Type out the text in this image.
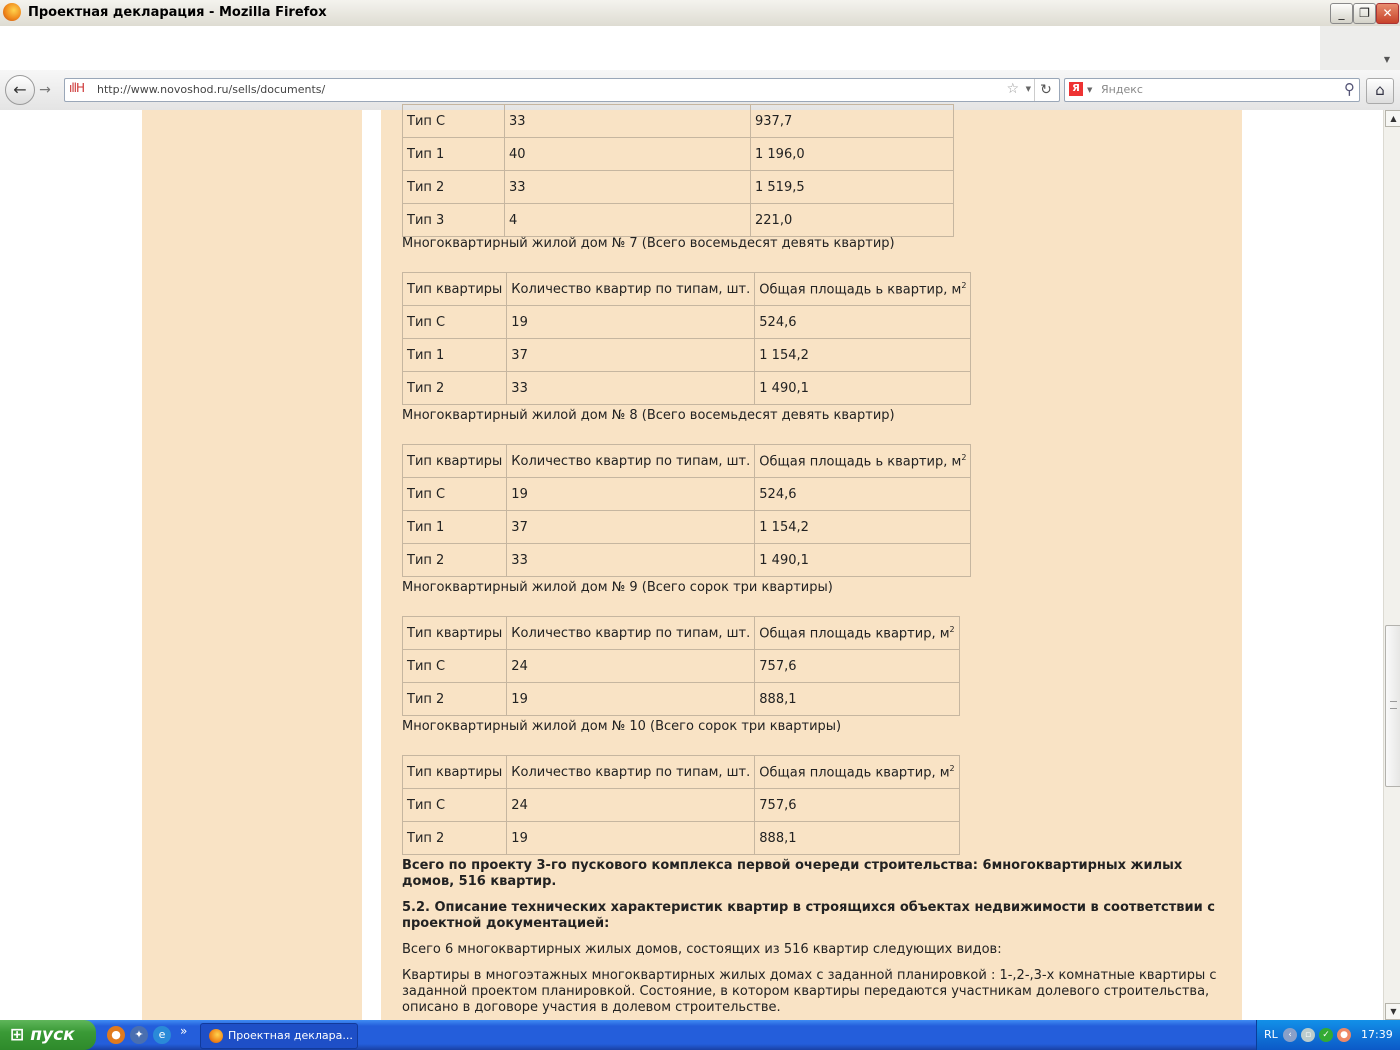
Проектная декларация - Mozilla Firefox	_	❐	✕
▼
← →	ıllH http://www.novoshod.ru/sells/documents/	☆ ▼ ↻	Я	▼ Яндекс	⚲	⌂
Тип С	33	937,7
Тип 1	40	1 196,0
Тип 2	33	1 519,5
Тип 3	4	221,0
Многоквартирный жилой дом № 7 (Всего восемьдесят девять квартир)
Тип квартиры	Количество квартир по типам, шт.	Общая площадь ь квартир, $м^2$
Тип С	19	524,6
Тип 1	37	1 154,2
Тип 2	33	1 490,1
Многоквартирный жилой дом № 8 (Всего восемьдесят девять квартир)
Тип квартиры	Количество квартир по типам, шт.	Общая площадь ь квартир, $м^2$
Тип С	19	524,6
Тип 1	37	1 154,2
Тип 2	33	1 490,1
Многоквартирный жилой дом № 9 (Всего сорок три квартиры)
Тип квартиры	Количество квартир по типам, шт.	Общая площадь квартир, $м^2$
Тип С	24	757,6
Тип 2	19	888,1
Многоквартирный жилой дом № 10 (Всего сорок три квартиры)
Тип квартиры	Количество квартир по типам, шт.	Общая площадь квартир, $м^2$
Тип С	24	757,6
Тип 2	19	888,1
Всего по проекту 3-го пускового комплекса первой очереди строительства: 6многоквартирных жилых домов, 516 квартир.
5.2. Описание технических характеристик квартир в строящихся объектах недвижимости в соответствии с проектной документацией:
Всего 6 многоквартирных жилых домов, состоящих из 516 квартир следующих видов:
Квартиры в многоэтажных многоквартирных жилых домах с заданной планировкой : 1-,2-,3-х комнатные квартиры с заданной проектом планировкой. Состояние, в котором квартиры передаются участникам долевого строительства, описано в договоре участия в долевом строительстве.
▲
▼
⊞ пуск	●	✦	e	»	Проектная деклара...	RL	‹	▫	✓	● 17:39
